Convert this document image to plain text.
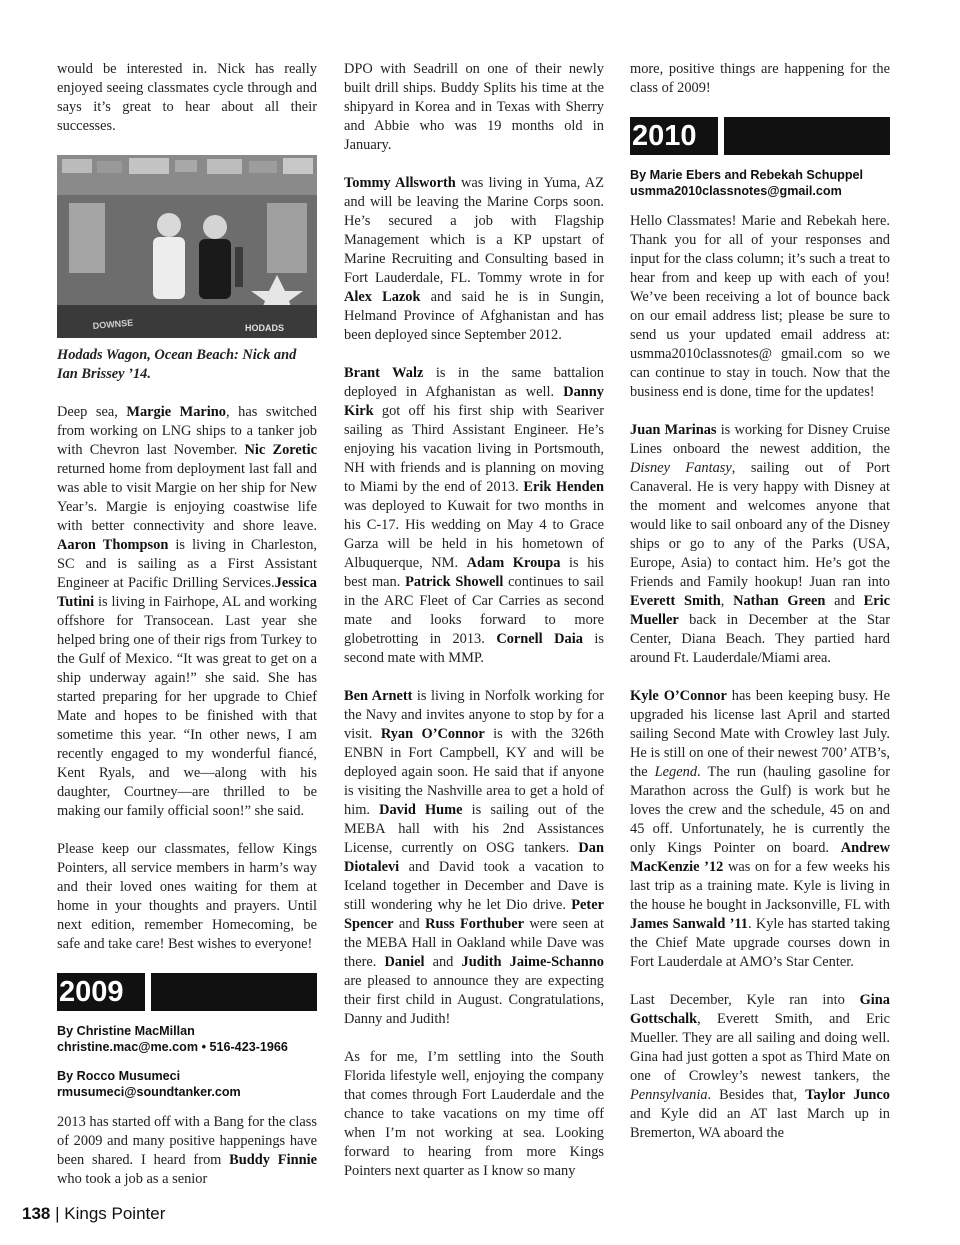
would be interested in. Nick has really enjoyed seeing classmates cycle through and says it’s great to hear about all their successes.

HODADS
DOWNSE

Hodads Wagon, Ocean Beach: Nick and Ian Brissey ’14.

Deep sea, Margie Marino, has switched from working on LNG ships to a tanker job with Chevron last November. Nic Zoretic returned home from deployment last fall and was able to visit Margie on her ship for New Year’s. Margie is enjoying coastwise life with better connectivity and shore leave. Aaron Thompson is living in Charleston, SC and is sailing as a First Assistant Engineer at Pacific Drilling Services.Jessica Tutini is living in Fairhope, AL and working offshore for Transocean. Last year she helped bring one of their rigs from Turkey to the Gulf of Mexico. “It was great to get on a ship underway again!” she said. She has started preparing for her upgrade to Chief Mate and hopes to be finished with that sometime this year. “In other news, I am recently engaged to my wonderful fiancé, Kent Ryals, and we—along with his daughter, Courtney—are thrilled to be making our family official soon!” she said.

Please keep our classmates, fellow Kings Pointers, all service members in harm’s way and their loved ones waiting for them at home in your thoughts and prayers. Until next edition, remember Homecoming, be safe and take care! Best wishes to everyone!

2009
By Christine MacMillan
christine.mac@me.com • 516-423-1966
By Rocco Musumeci
rmusumeci@soundtanker.com

2013 has started off with a Bang for the class of 2009 and many positive happenings have been shared. I heard from Buddy Finnie who took a job as a senior

DPO with Seadrill on one of their newly built drill ships. Buddy Splits his time at the shipyard in Korea and in Texas with Sherry and Abbie who was 19 months old in January.

Tommy Allsworth was living in Yuma, AZ and will be leaving the Marine Corps soon. He’s secured a job with Flagship Management which is a KP upstart of Marine Recruiting and Consulting based in Fort Lauderdale, FL. Tommy wrote in for Alex Lazok and said he is in Sungin, Helmand Province of Afghanistan and has been deployed since September 2012.

Brant Walz is in the same battalion deployed in Afghanistan as well. Danny Kirk got off his first ship with Seariver sailing as Third Assistant Engineer. He’s enjoying his vacation living in Portsmouth, NH with friends and is planning on moving to Miami by the end of 2013. Erik Henden was deployed to Kuwait for two months in his C-17. His wedding on May 4 to Grace Garza will be held in his hometown of Albuquerque, NM. Adam Kroupa is his best man. Patrick Showell continues to sail in the ARC Fleet of Car Carries as second mate and looks forward to more globetrotting in 2013. Cornell Daia is second mate with MMP.

Ben Arnett is living in Norfolk working for the Navy and invites anyone to stop by for a visit. Ryan O’Connor is with the 326th ENBN in Fort Campbell, KY and will be deployed again soon. He said that if anyone is visiting the Nashville area to get a hold of him. David Hume is sailing out of the MEBA hall with his 2nd Assistances License, currently on OSG tankers. Dan Diotalevi and David took a vacation to Iceland together in December and Dave is still wondering why he let Dio drive. Peter Spencer and Russ Forthuber were seen at the MEBA Hall in Oakland while Dave was there. Daniel and Judith Jaime-Schanno are pleased to announce they are expecting their first child in August. Congratulations, Danny and Judith!

As for me, I’m settling into the South Florida lifestyle well, enjoying the company that comes through Fort Lauderdale and the chance to take vacations on my time off when I’m not working at sea. Looking forward to hearing from more Kings Pointers next quarter as I know so many

more, positive things are happening for the class of 2009!

2010
By Marie Ebers and Rebekah Schuppel
usmma2010classnotes@gmail.com

Hello Classmates! Marie and Rebekah here. Thank you for all of your responses and input for the class column; it’s such a treat to hear from and keep up with each of you! We’ve been receiving a lot of bounce back on our email address list; please be sure to send us your updated email address at: usmma2010classnotes@ gmail.com so we can continue to stay in touch. Now that the business end is done, time for the updates!

Juan Marinas is working for Disney Cruise Lines onboard the newest addition, the Disney Fantasy, sailing out of Port Canaveral. He is very happy with Disney at the moment and welcomes anyone that would like to sail onboard any of the Disney ships or go to any of the Parks (USA, Europe, Asia) to contact him. He’s got the Friends and Family hookup! Juan ran into Everett Smith, Nathan Green and Eric Mueller back in December at the Star Center, Diana Beach. They partied hard around Ft. Lauderdale/Miami area.

Kyle O’Connor has been keeping busy. He upgraded his license last April and started sailing Second Mate with Crowley last July. He is still on one of their newest 700’ ATB’s, the Legend. The run (hauling gasoline for Marathon across the Gulf) is work but he loves the crew and the schedule, 45 on and 45 off. Unfortunately, he is currently the only Kings Pointer on board. Andrew MacKenzie ’12 was on for a few weeks his last trip as a training mate. Kyle is living in the house he bought in Jacksonville, FL with James Sanwald ’11. Kyle has started taking the Chief Mate upgrade courses down in Fort Lauderdale at AMO’s Star Center.

Last December, Kyle ran into Gina Gottschalk, Everett Smith, and Eric Mueller. They are all sailing and doing well. Gina had just gotten a spot as Third Mate on one of Crowley’s newest tankers, the Pennsylvania. Besides that, Taylor Junco and Kyle did an AT last March up in Bremerton, WA aboard the

138 | Kings Pointer
